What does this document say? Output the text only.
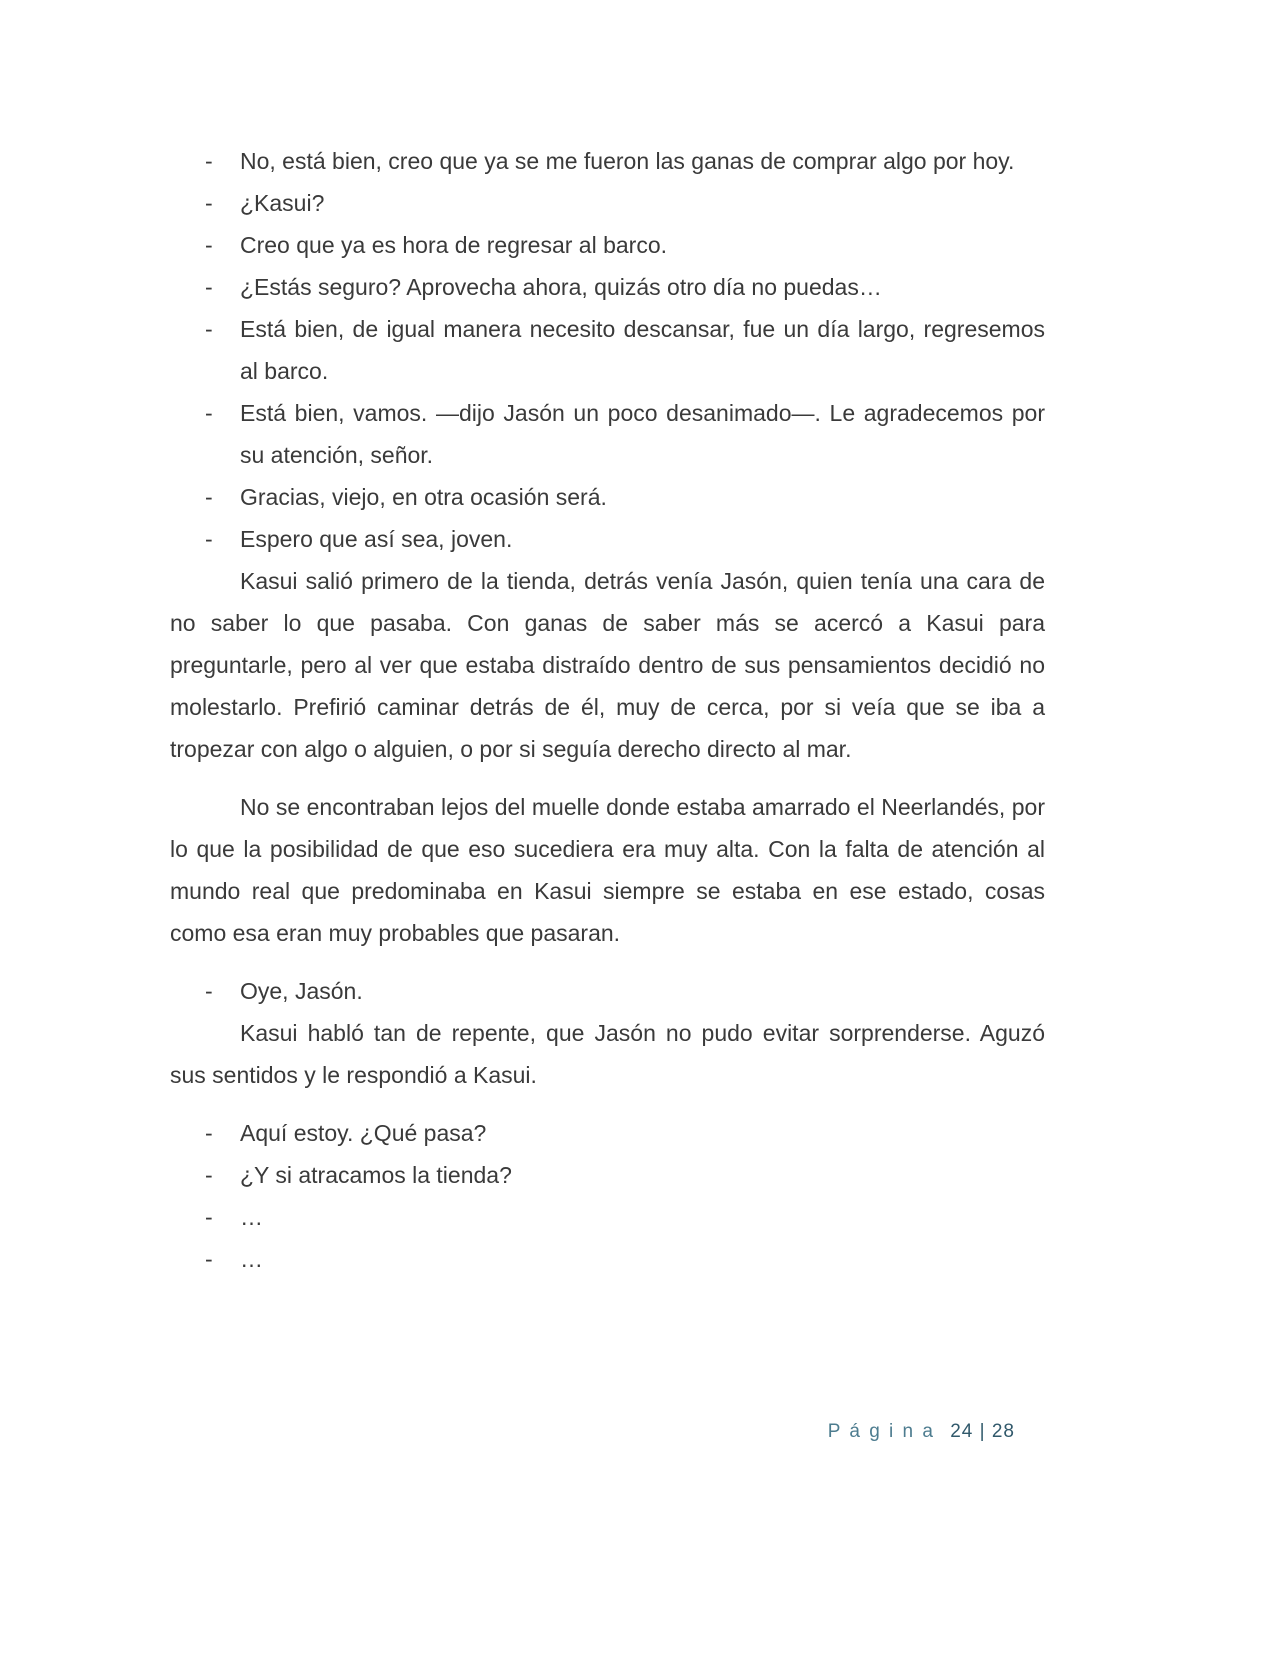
- No, está bien, creo que ya se me fueron las ganas de comprar algo por hoy.
- ¿Kasui?
- Creo que ya es hora de regresar al barco.
- ¿Estás seguro? Aprovecha ahora, quizás otro día no puedas…
- Está bien, de igual manera necesito descansar, fue un día largo, regresemos al barco.
- Está bien, vamos. —dijo Jasón un poco desanimado—. Le agradecemos por su atención, señor.
- Gracias, viejo, en otra ocasión será.
- Espero que así sea, joven.

Kasui salió primero de la tienda, detrás venía Jasón, quien tenía una cara de no saber lo que pasaba. Con ganas de saber más se acercó a Kasui para preguntarle, pero al ver que estaba distraído dentro de sus pensamientos decidió no molestarlo. Prefirió caminar detrás de él, muy de cerca, por si veía que se iba a tropezar con algo o alguien, o por si seguía derecho directo al mar.

No se encontraban lejos del muelle donde estaba amarrado el Neerlandés, por lo que la posibilidad de que eso sucediera era muy alta. Con la falta de atención al mundo real que predominaba en Kasui siempre se estaba en ese estado, cosas como esa eran muy probables que pasaran.

- Oye, Jasón.

Kasui habló tan de repente, que Jasón no pudo evitar sorprenderse. Aguzó sus sentidos y le respondió a Kasui.

- Aquí estoy. ¿Qué pasa?
- ¿Y si atracamos la tienda?
- …
- …
P á g i n a 24 | 28
